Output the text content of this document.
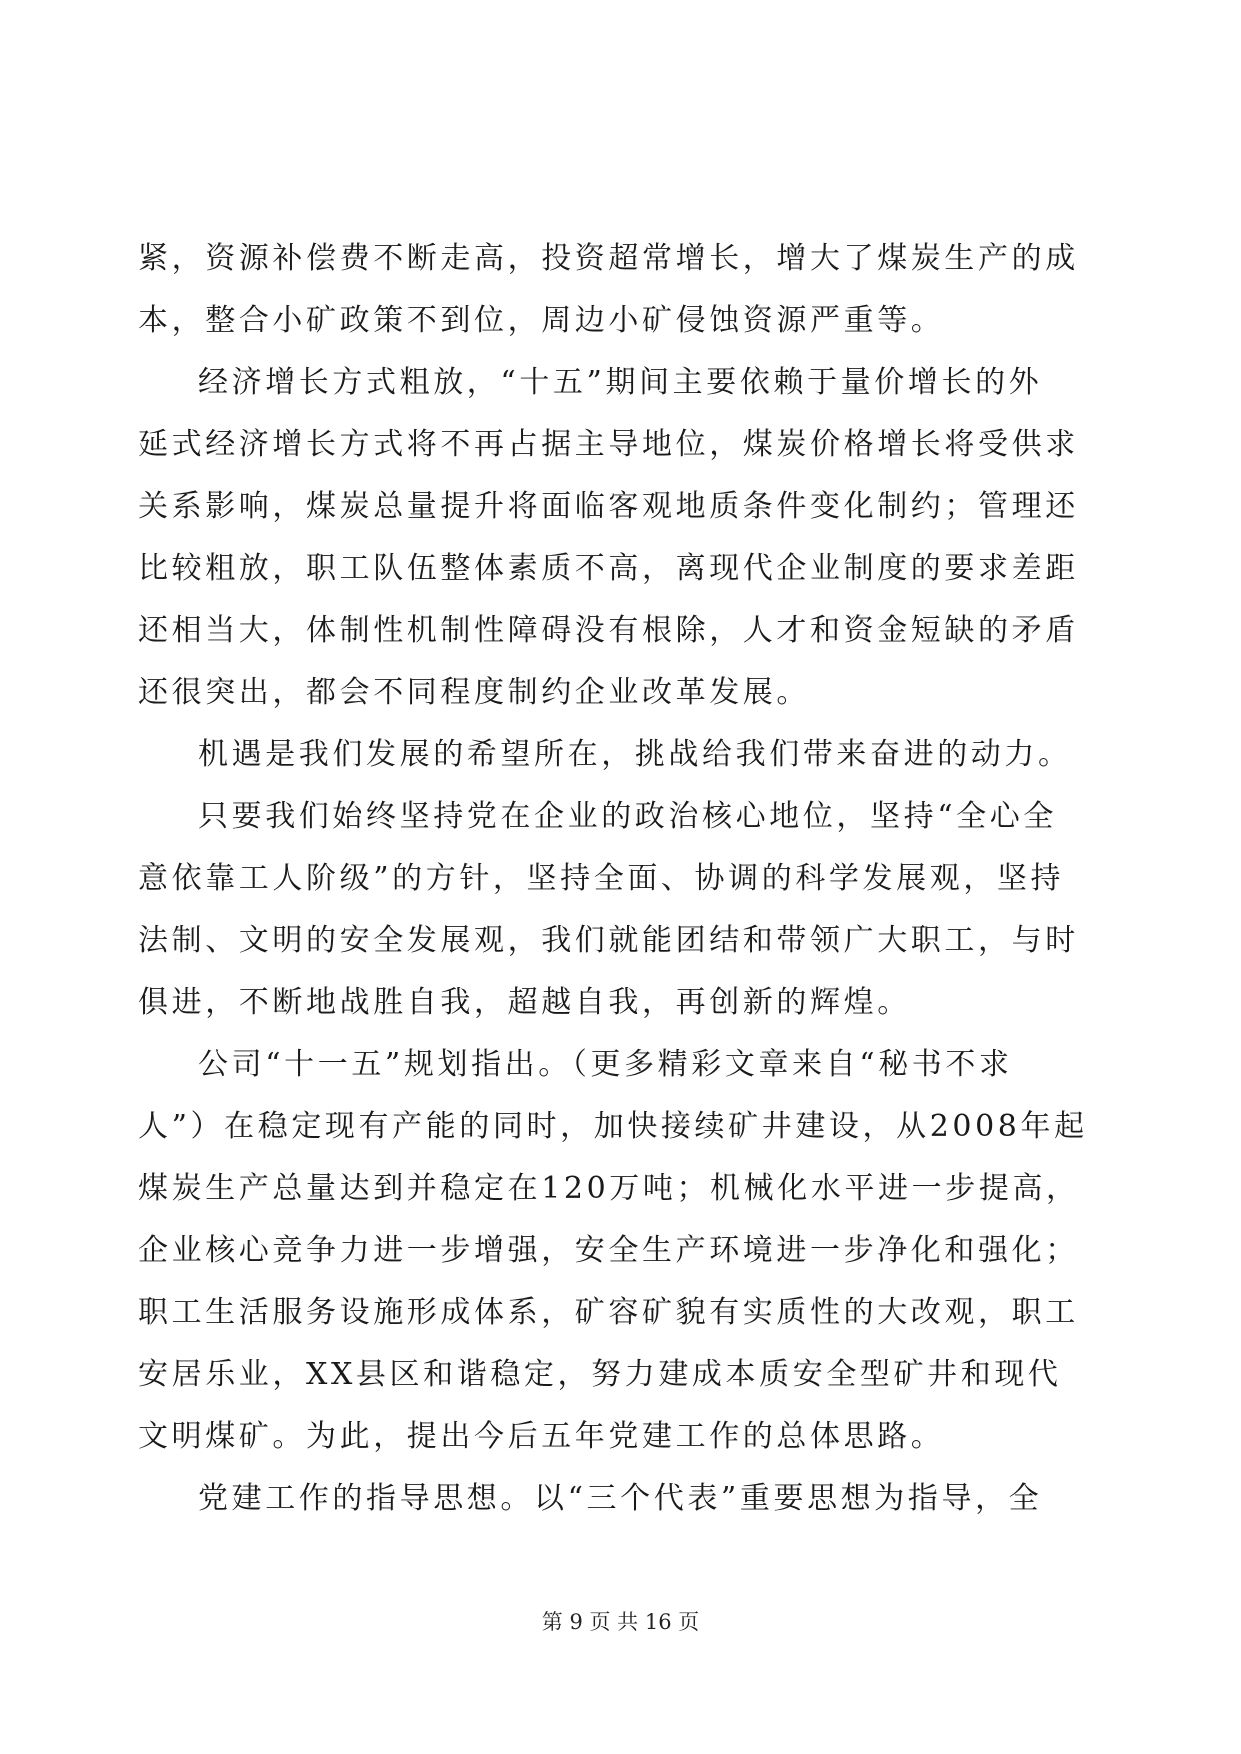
紧，资源补偿费不断走高，投资超常增长，增大了煤炭生产的成
本，整合小矿政策不到位，周边小矿侵蚀资源严重等。
经济增长方式粗放，“十五”期间主要依赖于量价增长的外
延式经济增长方式将不再占据主导地位，煤炭价格增长将受供求
关系影响，煤炭总量提升将面临客观地质条件变化制约；管理还
比较粗放，职工队伍整体素质不高，离现代企业制度的要求差距
还相当大，体制性机制性障碍没有根除，人才和资金短缺的矛盾
还很突出，都会不同程度制约企业改革发展。
机遇是我们发展的希望所在，挑战给我们带来奋进的动力。
只要我们始终坚持党在企业的政治核心地位，坚持“全心全
意依靠工人阶级”的方针，坚持全面、协调的科学发展观，坚持
法制、文明的安全发展观，我们就能团结和带领广大职工，与时
俱进，不断地战胜自我，超越自我，再创新的辉煌。
公司“十一五”规划指出。（更多精彩文章来自“秘书不求
人”）在稳定现有产能的同时，加快接续矿井建设，从2008年起
煤炭生产总量达到并稳定在120万吨；机械化水平进一步提高，
企业核心竞争力进一步增强，安全生产环境进一步净化和强化；
职工生活服务设施形成体系，矿容矿貌有实质性的大改观，职工
安居乐业，XX县区和谐稳定，努力建成本质安全型矿井和现代
文明煤矿。为此，提出今后五年党建工作的总体思路。
党建工作的指导思想。以“三个代表”重要思想为指导，全
第 9 页 共 16 页
